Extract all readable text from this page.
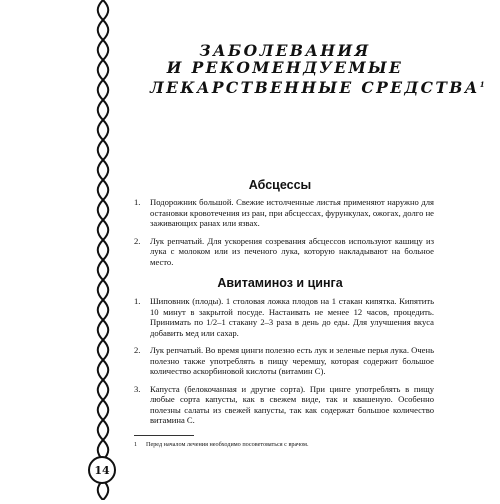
14
ЗАБОЛЕВАНИЯ
И РЕКОМЕНДУЕМЫЕ
ЛЕКАРСТВЕННЫЕ СРЕДСТВА$^1$
Абсцессы
1.	Подорожник большой. Свежие истолченные листья применяют наружно для остановки кровотечения из ран, при абсцессах, фурункулах, ожогах, долго не заживающих ранах или язвах.
2.	Лук репчатый. Для ускорения созревания абсцессов используют кашицу из лука с молоком или из печеного лука, которую накладывают на больное место.
Авитаминоз и цинга
1.	Шиповник (плоды). 1 столовая ложка плодов на 1 стакан кипятка. Кипятить 10 минут в закрытой посуде. Настаивать не менее 12 часов, процедить. Принимать по 1/2–1 стакану 2–3 раза в день до еды. Для улучшения вкуса добавить мед или сахар.
2.	Лук репчатый. Во время цинги полезно есть лук и зеленые перья лука. Очень полезно также употреблять в пищу черемшу, которая содержит большое количество аскорбиновой кислоты (витамин С).
3.	Капуста (белокочанная и другие сорта). При цинге употреблять в пищу любые сорта капусты, как в свежем виде, так и квашеную. Особенно полезны салаты из свежей капусты, так как содержат большое количество витамина С.
1	Перед началом лечения необходимо посоветоваться с врачом.
